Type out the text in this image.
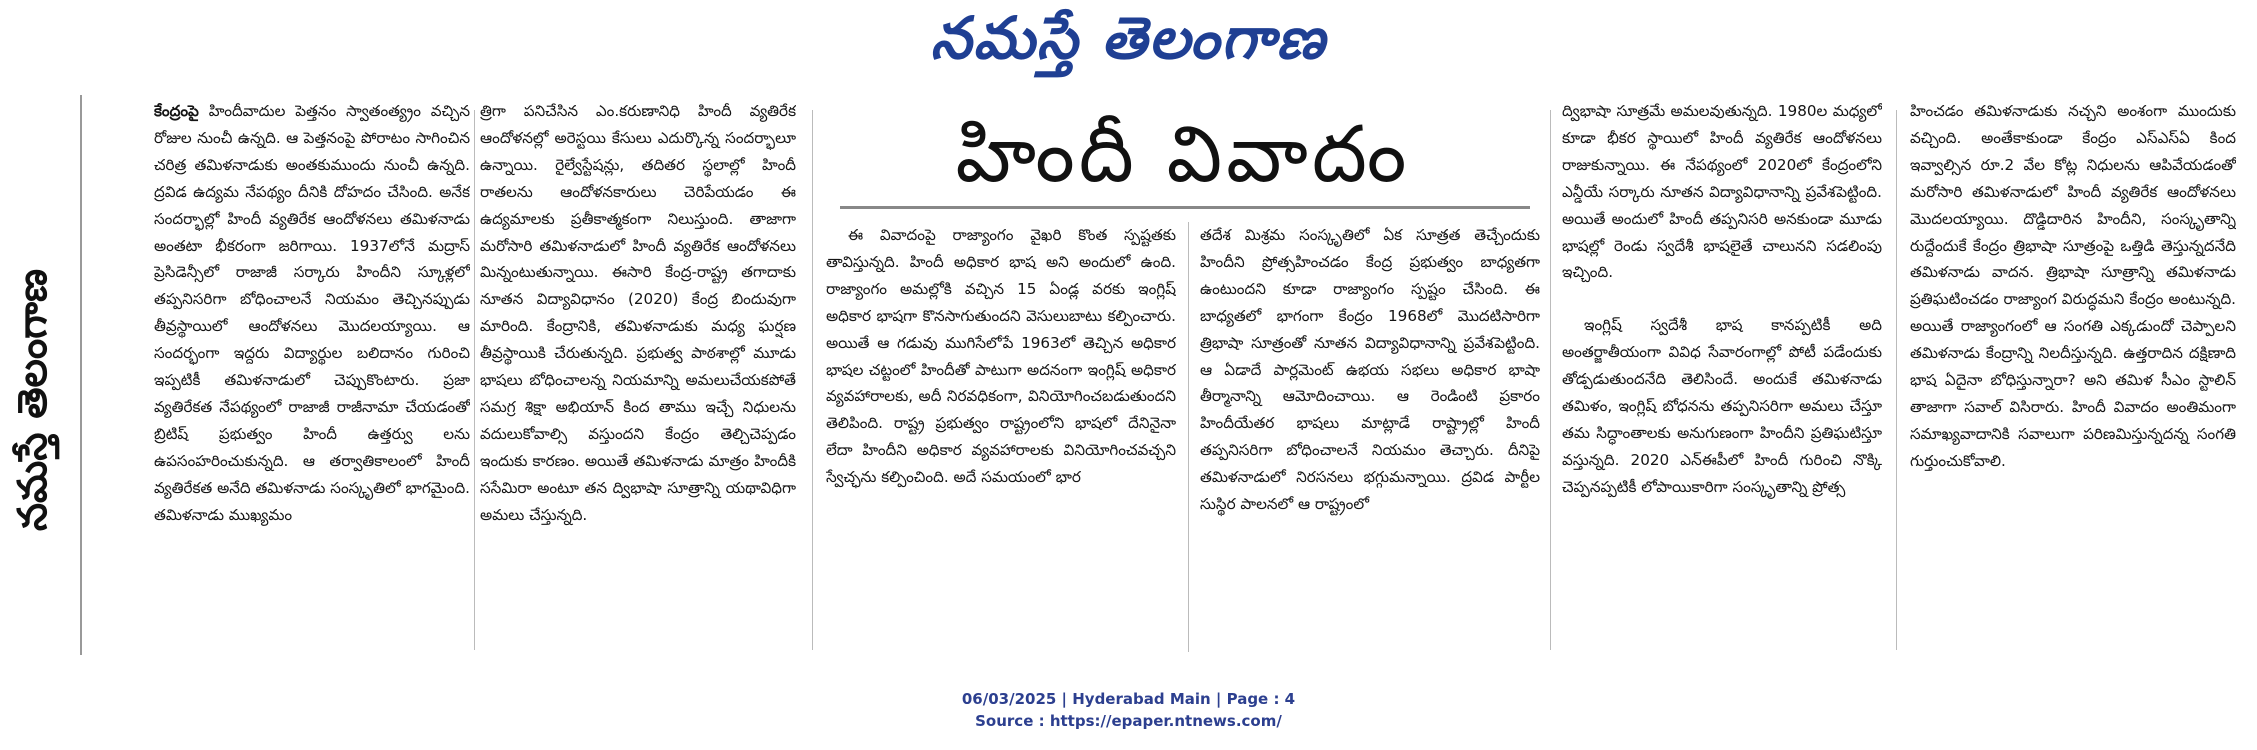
నమస్తే తెలంగాణ
నమస్తే తెలంగాణ

కేంద్రంపై హిందీవాదుల పెత్తనం స్వాతంత్య్రం వచ్చిన రోజుల నుంచీ ఉన్నది. ఆ పెత్తనంపై పోరాటం సాగించిన చరిత్ర తమిళనాడుకు అంతకుముందు నుంచీ ఉన్నది. ద్రవిడ ఉద్యమ నేపథ్యం దీనికి దోహదం చేసింది. అనేక సందర్భాల్లో హిందీ వ్యతిరేక ఆందోళనలు తమిళనాడు అంతటా భీకరంగా జరిగాయి. 1937లోనే మద్రాస్ ప్రెసిడెన్సీలో రాజాజీ సర్కారు హిందీని స్కూళ్లలో తప్పనిసరిగా బోధించాలనే నియమం తెచ్చినప్పుడు తీవ్రస్థాయిలో ఆందోళనలు మొదలయ్యాయి. ఆ సందర్భంగా ఇద్దరు విద్యార్థుల బలిదానం గురించి ఇప్పటికీ తమిళనాడులో చెప్పుకొంటారు. ప్రజా వ్యతిరేకత నేపథ్యంలో రాజాజీ రాజీనామా చేయడంతో బ్రిటిష్ ప్రభుత్వం హిందీ ఉత్తర్వు లను ఉపసంహరించుకున్నది. ఆ తర్వాతికాలంలో హిందీ వ్యతిరేకత అనేది తమిళనాడు సంస్కృతిలో భాగమైంది. తమిళనాడు ముఖ్యమం

త్రిగా పనిచేసిన ఎం.కరుణానిధి హిందీ వ్యతిరేక ఆందోళనల్లో అరెస్టయి కేసులు ఎదుర్కొన్న సందర్భాలూ ఉన్నాయి. రైల్వేస్టేషన్లు, తదితర స్థలాల్లో హిందీ రాతలను ఆందోళనకారులు చెరిపేయడం ఈ ఉద్యమాలకు ప్రతీకాత్మకంగా నిలుస్తుంది. తాజాగా మరోసారి తమిళనాడులో హిందీ వ్యతిరేక ఆందోళనలు మిన్నంటుతున్నాయి. ఈసారి కేంద్ర-రాష్ట్ర తగాదాకు నూతన విద్యావిధానం (2020) కేంద్ర బిందువుగా మారింది. కేంద్రానికి, తమిళనాడుకు మధ్య ఘర్షణ తీవ్రస్థాయికి చేరుతున్నది. ప్రభుత్వ పాఠశాల్లో మూడు భాషలు బోధించాలన్న నియమాన్ని అమలుచేయకపోతే సమగ్ర శిక్షా అభియాన్ కింద తాము ఇచ్చే నిధులను వదులుకోవాల్సి వస్తుందని కేంద్రం తెల్చిచెప్పడం ఇందుకు కారణం. అయితే తమిళనాడు మాత్రం హిందీకి ససేమిరా అంటూ తన ద్విభాషా సూత్రాన్ని యథావిధిగా అమలు చేస్తున్నది.

హిందీ వివాదం

ఈ వివాదంపై రాజ్యాంగం వైఖరి కొంత స్పష్టతకు తావిస్తున్నది. హిందీ అధికార భాష అని అందులో ఉంది. రాజ్యాంగం అమల్లోకి వచ్చిన 15 ఏండ్ల వరకు ఇంగ్లిష్ అధికార భాషగా కొనసాగుతుందని వెసులుబాటు కల్పించారు. అయితే ఆ గడువు ముగిసేలోపే 1963లో తెచ్చిన అధికార భాషల చట్టంలో హిందీతో పాటుగా అదనంగా ఇంగ్లిష్ అధికార వ్యవహారాలకు, అదీ నిరవధికంగా, వినియోగించబడుతుందని తెలిపింది. రాష్ట్ర ప్రభుత్వం రాష్ట్రంలోని భాషలో దేనినైనా లేదా హిందీని అధికార వ్యవహారాలకు వినియోగించవచ్చని స్వేచ్ఛను కల్పించింది. అదే సమయంలో భార

తదేశ మిశ్రమ సంస్కృతిలో ఏక సూత్రత తెచ్చేందుకు హిందీని ప్రోత్సహించడం కేంద్ర ప్రభుత్వం బాధ్యతగా ఉంటుందని కూడా రాజ్యాంగం స్పష్టం చేసింది. ఈ బాధ్యతలో భాగంగా కేంద్రం 1968లో మొదటిసారిగా త్రిభాషా సూత్రంతో నూతన విద్యావిధానాన్ని ప్రవేశపెట్టింది. ఆ ఏడాదే పార్లమెంట్ ఉభయ సభలు అధికార భాషా తీర్మానాన్ని ఆమోదించాయి. ఆ రెండింటి ప్రకారం హిందీయేతర భాషలు మాట్లాడే రాష్ట్రాల్లో హిందీ తప్పనిసరిగా బోధించాలనే నియమం తెచ్చారు. దీనిపై తమిళనాడులో నిరసనలు భగ్గుమన్నాయి. ద్రవిడ పార్టీల సుస్థిర పాలనలో ఆ రాష్ట్రంలో

ద్విభాషా సూత్రమే అమలవుతున్నది. 1980ల మధ్యలో కూడా భీకర స్థాయిలో హిందీ వ్యతిరేక ఆందోళనలు రాజుకున్నాయి. ఈ నేపథ్యంలో 2020లో కేంద్రంలోని ఎన్డీయే సర్కారు నూతన విద్యావిధానాన్ని ప్రవేశపెట్టింది. అయితే అందులో హిందీ తప్పనిసరి అనకుండా మూడు భాషల్లో రెండు స్వదేశీ భాషలైతే చాలునని సడలింపు ఇచ్చింది.

ఇంగ్లిష్ స్వదేశీ భాష కానప్పటికీ అది అంతర్జాతీయంగా వివిధ సేవారంగాల్లో పోటీ పడేందుకు తోడ్పడుతుందనేది తెలిసిందే. అందుకే తమిళనాడు తమిళం, ఇంగ్లిష్ బోధనను తప్పనిసరిగా అమలు చేస్తూ తమ సిద్ధాంతాలకు అనుగుణంగా హిందీని ప్రతిఘటిస్తూ వస్తున్నది. 2020 ఎన్ఈపీలో హిందీ గురించి నొక్కి చెప్పనప్పటికీ లోపాయికారిగా సంస్కృతాన్ని ప్రోత్స

హించడం తమిళనాడుకు నచ్చని అంశంగా ముందుకు వచ్చింది. అంతేకాకుండా కేంద్రం ఎస్ఎస్ఏ కింద ఇవ్వాల్సిన రూ.2 వేల కోట్ల నిధులను ఆపివేయడంతో మరోసారి తమిళనాడులో హిందీ వ్యతిరేక ఆందోళనలు మొదలయ్యాయి. దొడ్డిదారిన హిందీని, సంస్కృతాన్ని రుద్దేందుకే కేంద్రం త్రిభాషా సూత్రంపై ఒత్తిడి తెస్తున్నదనేది తమిళనాడు వాదన. త్రిభాషా సూత్రాన్ని తమిళనాడు ప్రతిఘటించడం రాజ్యాంగ విరుద్ధమని కేంద్రం అంటున్నది. అయితే రాజ్యాంగంలో ఆ సంగతి ఎక్కడుందో చెప్పాలని తమిళనాడు కేంద్రాన్ని నిలదీస్తున్నది. ఉత్తరాదిన దక్షిణాది భాష ఏదైనా బోధిస్తున్నారా? అని తమిళ సీఎం స్టాలిన్ తాజాగా సవాల్ విసిరారు. హిందీ వివాదం అంతిమంగా సమాఖ్యవాదానికి సవాలుగా పరిణమిస్తున్నదన్న సంగతి గుర్తుంచుకోవాలి.

06/03/2025 | Hyderabad Main | Page : 4
Source : https://epaper.ntnews.com/
